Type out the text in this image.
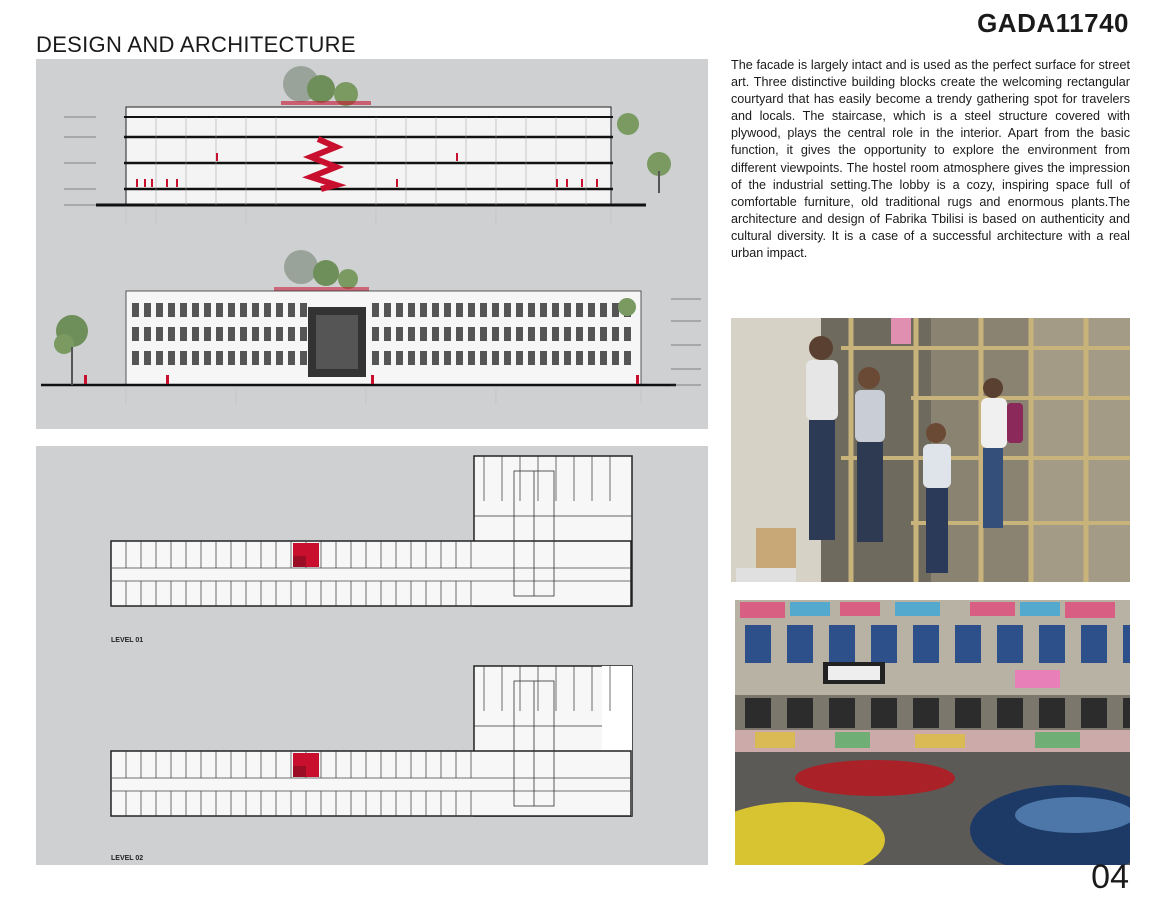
GADA11740
DESIGN AND ARCHITECTURE
LEVEL 01
LEVEL 02
The facade is largely intact and is used as the perfect surface for street art. Three distinctive building blocks create the welcoming rectangular courtyard that has easily become a trendy gathering spot for travelers and locals. The staircase, which is a steel structure covered with plywood, plays the central role in the interior. Apart from the basic function, it gives the opportunity to explore the environment from different viewpoints. The hostel room atmosphere gives the impression of the industrial setting.The lobby is a cozy, inspiring space full of comfortable furniture, old traditional rugs and enormous plants.The architecture and design of Fabrika Tbilisi is based on authenticity and cultural diversity. It is a case of a successful architecture with a real urban impact.
04
